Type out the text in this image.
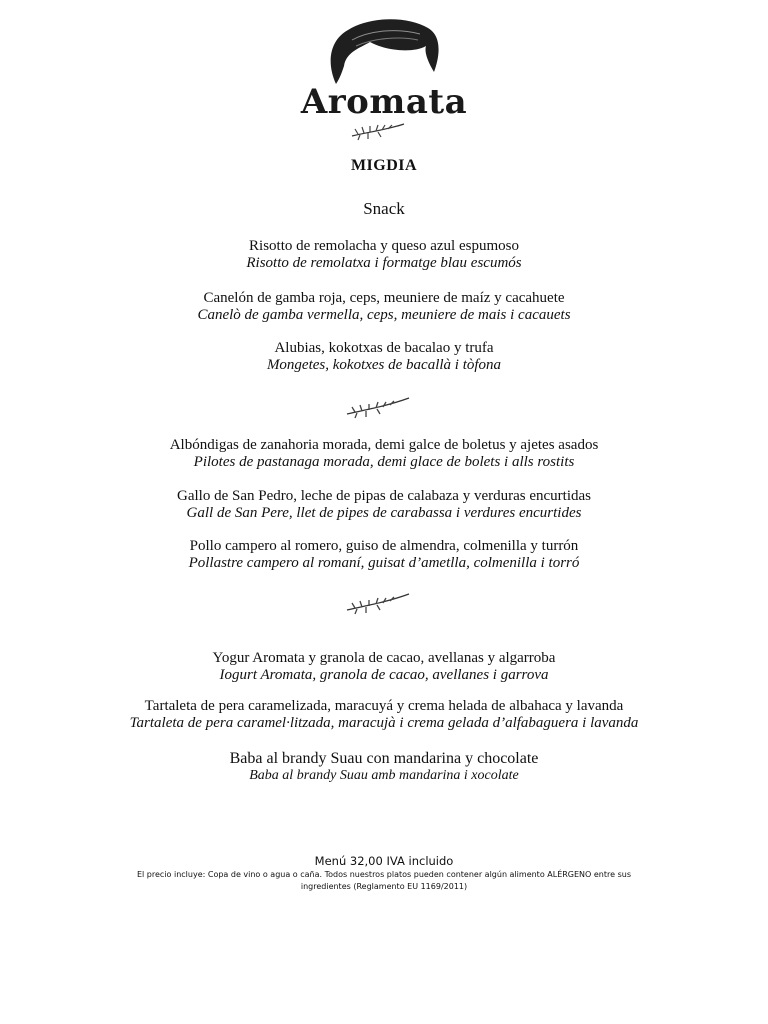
Aromata
MIGDIA
Snack
Risotto de remolacha y queso azul espumoso
Risotto de remolatxa i formatge blau escumós
Canelón de gamba roja, ceps, meuniere de maíz y cacahuete
Canelò de gamba vermella, ceps, meuniere de mais i cacauets
Alubias, kokotxas de bacalao y trufa
Mongetes, kokotxes de bacallà i tòfona
Albóndigas de zanahoria morada, demi galce de boletus y ajetes asados
Pilotes de pastanaga morada, demi glace de bolets i alls rostits
Gallo de San Pedro, leche de pipas de calabaza y verduras encurtidas
Gall de San Pere, llet de pipes de carabassa i verdures encurtides
Pollo campero al romero, guiso de almendra, colmenilla y turrón
Pollastre campero al romaní, guisat d’ametlla, colmenilla i torró
Yogur Aromata y granola de cacao, avellanas y algarroba
Iogurt Aromata, granola de cacao, avellanes i garrova
Tartaleta de pera caramelizada, maracuyá y crema helada de albahaca y lavanda
Tartaleta de pera caramel·litzada, maracujà i crema gelada d’alfabaguera i lavanda
Baba al brandy Suau con mandarina y chocolate
Baba al brandy Suau amb mandarina i xocolate
Menú 32,00 IVA incluido
El precio incluye: Copa de vino o agua o caña. Todos nuestros platos pueden contener algún alimento ALÉRGENO entre sus ingredientes (Reglamento EU 1169/2011)
